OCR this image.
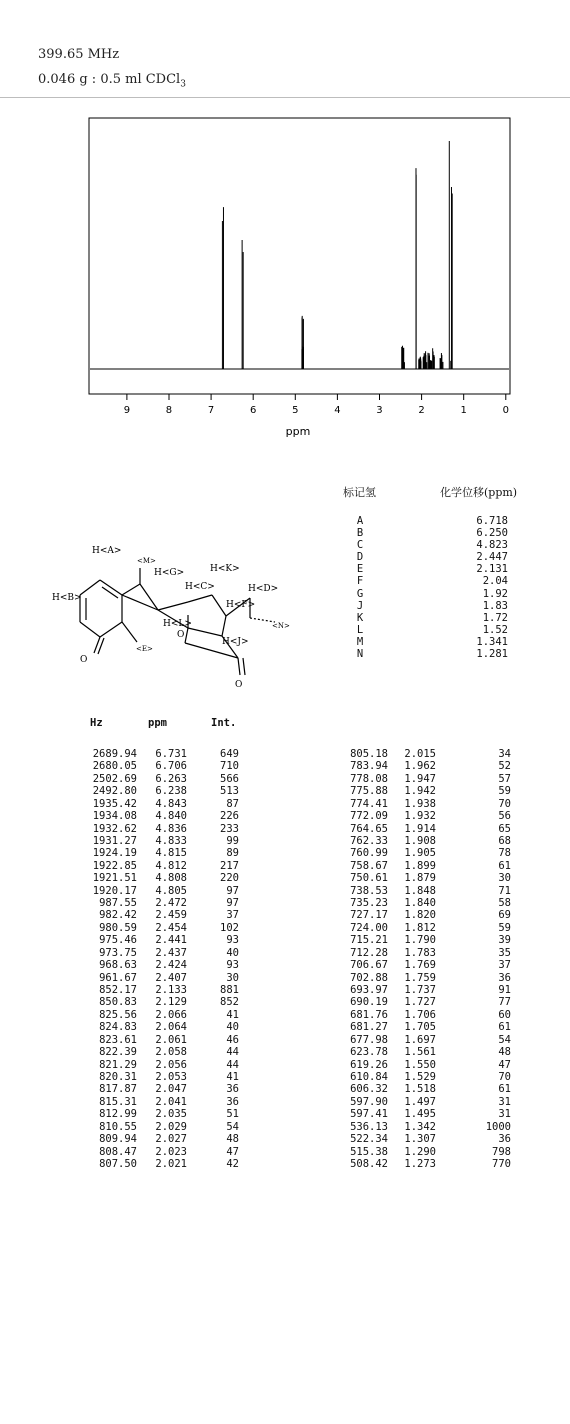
399.65 MHz
0.046 g : 0.5 ml CDCl$_3$
9	8	7	6	5	4	3	2	1	0
ppm
H<A>
<M>
H<G>	H<K>
H<C>	H<D>
H<B>
H<F>
<N>
H<L>
O
H<J>
<E>
O
O
标记氢	化学位移(ppm)
A	6.718
B	6.250
C	4.823
D	2.447
E	2.131
F	2.04
G	1.92
J	1.83
K	1.72
L	1.52
M	1.341
N	1.281
Hz	ppm	Int.
2689.94	6.731	649
2680.05	6.706	710
2502.69	6.263	566
2492.80	6.238	513
1935.42	4.843	87
1934.08	4.840	226
1932.62	4.836	233
1931.27	4.833	99
1924.19	4.815	89
1922.85	4.812	217
1921.51	4.808	220
1920.17	4.805	97
987.55	2.472	97
982.42	2.459	37
980.59	2.454	102
975.46	2.441	93
973.75	2.437	40
968.63	2.424	93
961.67	2.407	30
852.17	2.133	881
850.83	2.129	852
825.56	2.066	41
824.83	2.064	40
823.61	2.061	46
822.39	2.058	44
821.29	2.056	44
820.31	2.053	41
817.87	2.047	36
815.31	2.041	36
812.99	2.035	51
810.55	2.029	54
809.94	2.027	48
808.47	2.023	47
807.50	2.021	42
805.18	2.015	34
783.94	1.962	52
778.08	1.947	57
775.88	1.942	59
774.41	1.938	70
772.09	1.932	56
764.65	1.914	65
762.33	1.908	68
760.99	1.905	78
758.67	1.899	61
750.61	1.879	30
738.53	1.848	71
735.23	1.840	58
727.17	1.820	69
724.00	1.812	59
715.21	1.790	39
712.28	1.783	35
706.67	1.769	37
702.88	1.759	36
693.97	1.737	91
690.19	1.727	77
681.76	1.706	60
681.27	1.705	61
677.98	1.697	54
623.78	1.561	48
619.26	1.550	47
610.84	1.529	70
606.32	1.518	61
597.90	1.497	31
597.41	1.495	31
536.13	1.342	1000
522.34	1.307	36
515.38	1.290	798
508.42	1.273	770
